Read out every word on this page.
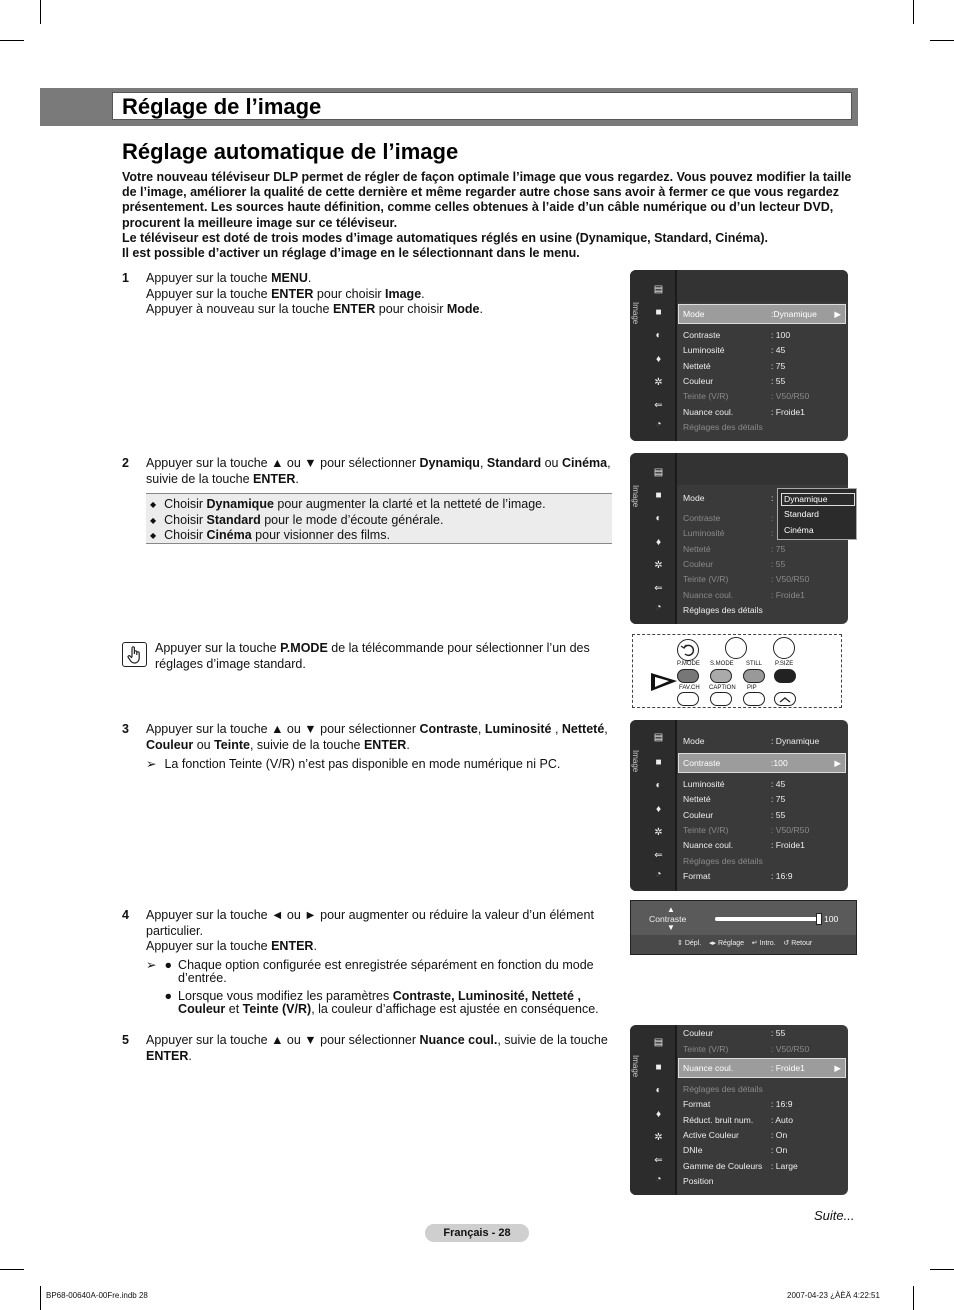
Réglage de l’image
Réglage automatique de l’image
Votre nouveau téléviseur DLP permet de régler de façon optimale l’image que vous regardez. Vous pouvez modifier la taille de l’image, améliorer la qualité de cette dernière et même regarder autre chose sans avoir à fermer ce que vous regardez présentement. Les sources haute définition, comme celles obtenues à l’aide d’un câble numérique ou d’un lecteur DVD, procurent la meilleure image sur ce téléviseur.
Le téléviseur est doté de trois modes d’image automatiques réglés en usine (Dynamique, Standard, Cinéma).
Il est possible d’activer un réglage d’image en le sélectionnant dans le menu.
1 Appuyer sur la touche MENU.
Appuyer sur la touche ENTER pour choisir Image.
Appuyer à nouveau sur la touche ENTER pour choisir Mode.	Image
▤
■
◐
♦
✲
⇐
◔
Mode	:Dynamique ▶
Contraste	: 100
Luminosité	: 45
Netteté	: 75
Couleur	: 55
Teinte (V/R)	: V50/R50
Nuance coul.	: Froide1
Réglages des détails
2 Appuyer sur la touche ▲ ou ▼ pour sélectionner Dynamiqu, Standard ou Cinéma,
suivie de la touche ENTER.
◆ Choisir Dynamique pour augmenter la clarté et la netteté de l’image.
◆ Choisir Standard pour le mode d’écoute générale.
◆ Choisir Cinéma pour visionner des films.
Image
▤
■
◐
♦
✲
⇐
◔
Mode	:
Contraste	:
Luminosité	:
Netteté	: 75
Couleur	: 55
Teinte (V/R)	: V50/R50
Nuance coul.	: Froide1
Réglages des détails
Dynamique
Standard
Cinéma
Appuyer sur la touche P.MODE de la télécommande pour sélectionner l’un des
réglages d’image standard.	P.MODE S.MODE STILL P.SIZE
FAV.CH CAPTION PIP
3 Appuyer sur la touche ▲ ou ▼ pour sélectionner Contraste, Luminosité , Netteté,
Couleur ou Teinte, suivie de la touche ENTER.
➢ La fonction Teinte (V/R) n’est pas disponible en mode numérique ni PC.	Image
▤
■
◐
♦
✲
⇐
◔
Mode	: Dynamique
Contraste	:100	▶
Luminosité	: 45
Netteté	: 75
Couleur	: 55
Teinte (V/R)	: V50/R50
Nuance coul.	: Froide1
Réglages des détails
Format	: 16:9
4 Appuyer sur la touche ◄ ou ► pour augmenter ou réduire la valeur d’un élément
particulier.
Appuyer sur la touche ENTER.
➢ ● Chaque option configurée est enregistrée séparément en fonction du mode
d’entrée.
● Lorsque vous modifiez les paramètres Contraste, Luminosité, Netteté ,
Couleur et Teinte (V/R), la couleur d’affichage est ajustée en conséquence.
▲
Contraste
▼
100
⇕ Dépl. ◂▸ Réglage ↵ Intro. ↺ Retour
5 Appuyer sur la touche ▲ ou ▼ pour sélectionner Nuance coul., suivie de la touche
ENTER.	Image
▤
■
◐
♦
✲
⇐
◔
Couleur	: 55
Teinte (V/R)	: V50/R50
Nuance coul.	: Froide1	▶
Réglages des détails
Format	: 16:9
Réduct. bruit num. : Auto
Active Couleur	: On
DNIe	: On
Gamme de Couleurs : Large
Position
Suite...
Français - 28
BP68-00640A-00Fre.indb 28	2007-04-23 ¿ÀÈÄ 4:22:51
